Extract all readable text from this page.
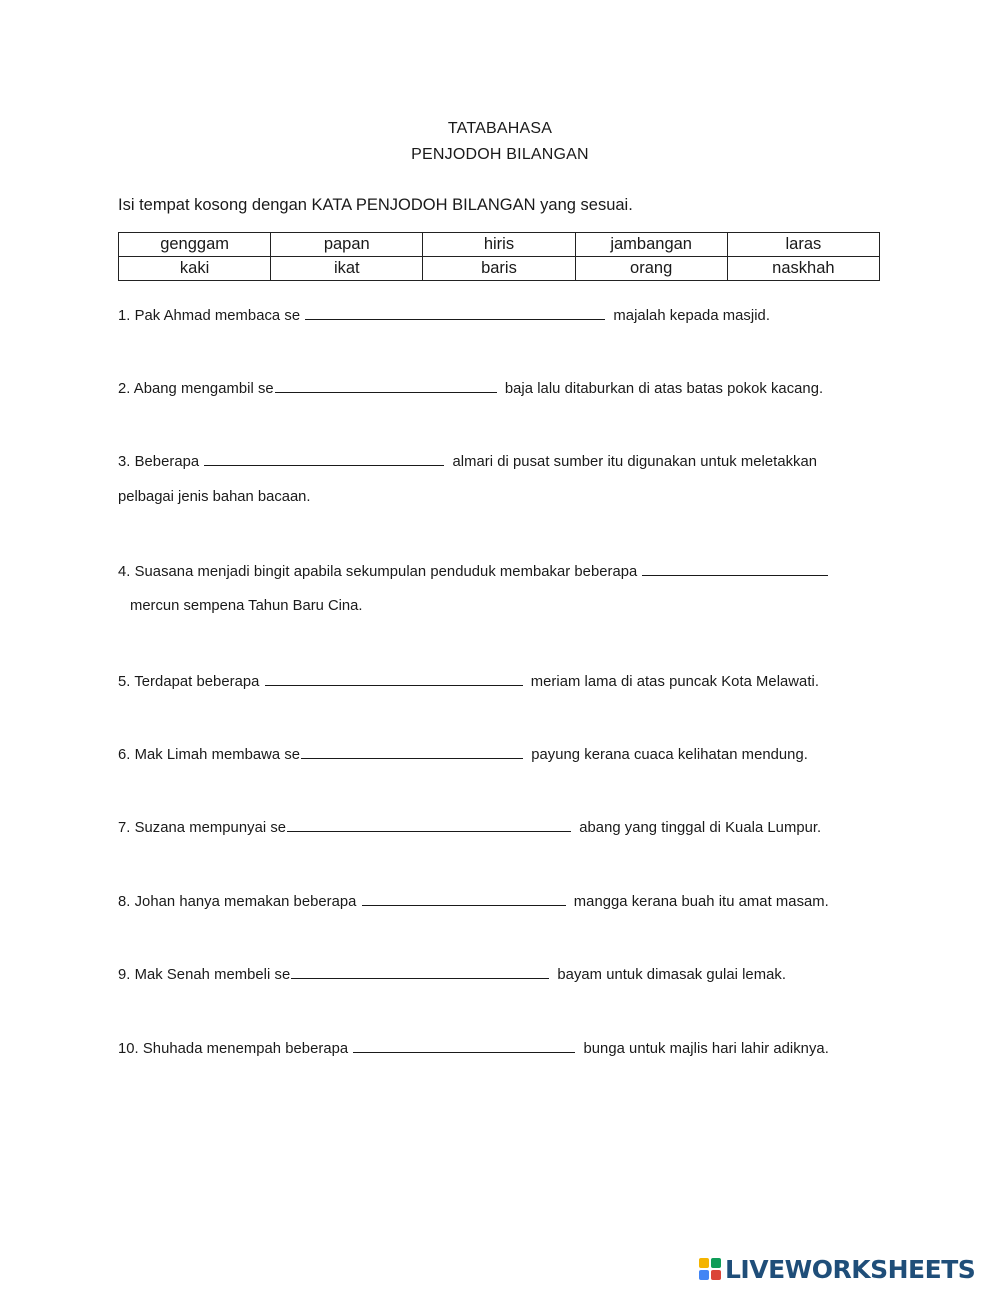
TATABAHASA
PENJODOH BILANGAN
Isi tempat kosong dengan KATA PENJODOH BILANGAN yang sesuai.
genggam	papan	hiris	jambangan	laras
kaki	ikat	baris	orang	naskhah
1. Pak Ahmad membaca se	majalah kepada masjid.
2. Abang mengambil se	baja lalu ditaburkan di atas batas pokok kacang.
3. Beberapa	almari di pusat sumber itu digunakan untuk meletakkan
pelbagai jenis bahan bacaan.
4. Suasana menjadi bingit apabila sekumpulan penduduk membakar beberapa
mercun sempena Tahun Baru Cina.
5. Terdapat beberapa	meriam lama di atas puncak Kota Melawati.
6. Mak Limah membawa se	payung kerana cuaca kelihatan mendung.
7. Suzana mempunyai se	abang yang tinggal di Kuala Lumpur.
8. Johan hanya memakan beberapa	mangga kerana buah itu amat masam.
9. Mak Senah membeli se	bayam untuk dimasak gulai lemak.
10. Shuhada menempah beberapa	bunga untuk majlis hari lahir adiknya.
LIVEWORKSHEETS
